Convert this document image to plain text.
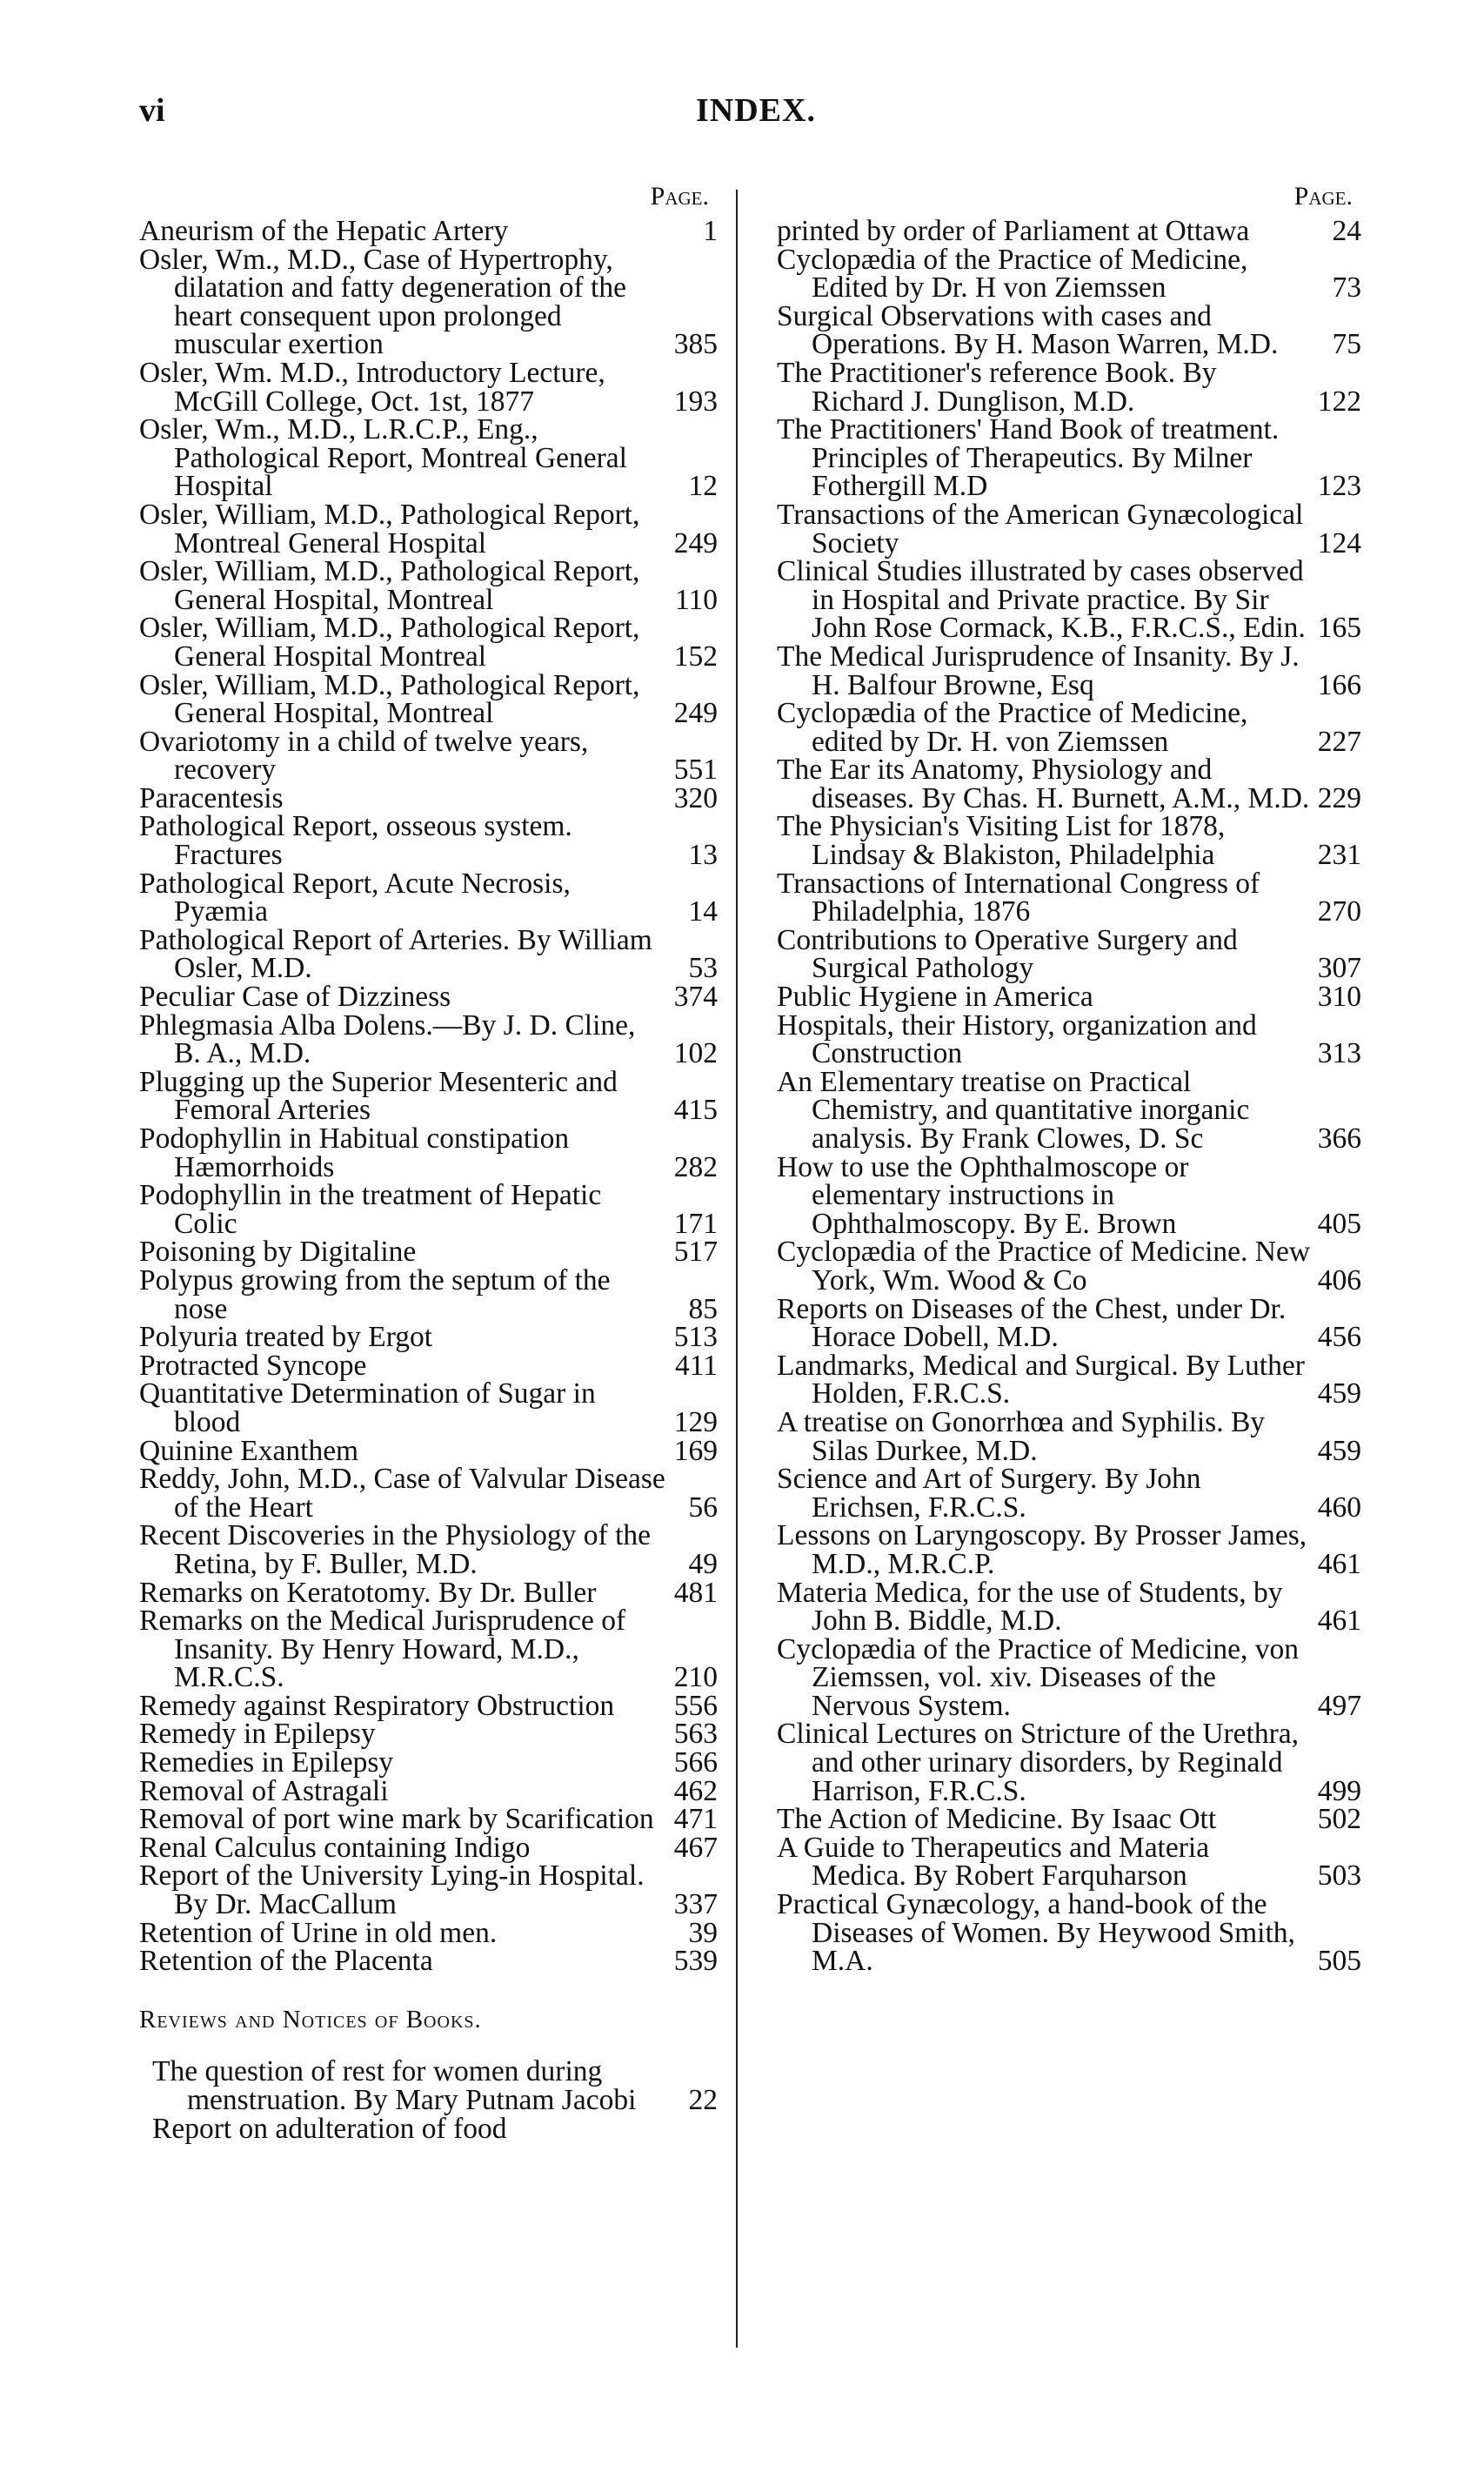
vi	INDEX.
Page.
Aneurism of the Hepatic Artery	1
Osler, Wm., M.D., Case of Hypertrophy, dilatation and fatty degeneration of the heart consequent upon prolonged muscular exertion	385
Osler, Wm. M.D., Introductory Lecture, McGill College, Oct. 1st, 1877	193
Osler, Wm., M.D., L.R.C.P., Eng., Pathological Report, Montreal General Hospital	12
Osler, William, M.D., Pathological Report, Montreal General Hospital	249
Osler, William, M.D., Pathological Report, General Hospital, Montreal	110
Osler, William, M.D., Pathological Report, General Hospital Montreal	152
Osler, William, M.D., Pathological Report, General Hospital, Montreal	249
Ovariotomy in a child of twelve years, recovery	551
Paracentesis	320
Pathological Report, osseous system. Fractures	13
Pathological Report, Acute Necrosis, Pyæmia	14
Pathological Report of Arteries. By William Osler, M.D.	53
Peculiar Case of Dizziness	374
Phlegmasia Alba Dolens.—By J. D. Cline, B. A., M.D.	102
Plugging up the Superior Mesenteric and Femoral Arteries	415
Podophyllin in Habitual constipation Hæmorrhoids	282
Podophyllin in the treatment of Hepatic Colic	171
Poisoning by Digitaline	517
Polypus growing from the septum of the nose	85
Polyuria treated by Ergot	513
Protracted Syncope	411
Quantitative Determination of Sugar in blood	129
Quinine Exanthem	169
Reddy, John, M.D., Case of Valvular Disease of the Heart	56
Recent Discoveries in the Physiology of the Retina, by F. Buller, M.D.	49
Remarks on Keratotomy. By Dr. Buller	481
Remarks on the Medical Jurisprudence of Insanity. By Henry Howard, M.D., M.R.C.S.	210
Remedy against Respiratory Obstruction 556
Remedy in Epilepsy	563
Remedies in Epilepsy	566
Removal of Astragali	462
Removal of port wine mark by Scarification 471
Renal Calculus containing Indigo	467
Report of the University Lying-in Hospital. By Dr. MacCallum	337
Retention of Urine in old men.	39
Retention of the Placenta	539
Reviews and Notices of Books.
The question of rest for women during menstruation. By Mary Putnam Jacobi 22
Report on adulteration of food
Page.
printed by order of Parliament at Ottawa	24
Cyclopædia of the Practice of Medicine, Edited by Dr. H von Ziemssen	73
Surgical Observations with cases and Operations. By H. Mason Warren, M.D. 75
The Practitioner's reference Book. By Richard J. Dunglison, M.D.	122
The Practitioners' Hand Book of treatment. Principles of Therapeutics. By Milner Fothergill M.D	123
Transactions of the American Gynæcological Society	124
Clinical Studies illustrated by cases observed in Hospital and Private practice. By Sir John Rose Cormack, K.B., F.R.C.S., Edin. 165
The Medical Jurisprudence of Insanity. By J. H. Balfour Browne, Esq	166
Cyclopædia of the Practice of Medicine, edited by Dr. H. von Ziemssen	227
The Ear its Anatomy, Physiology and diseases. By Chas. H. Burnett, A.M., M.D. 229
The Physician's Visiting List for 1878, Lindsay & Blakiston, Philadelphia	231
Transactions of International Congress of Philadelphia, 1876	270
Contributions to Operative Surgery and Surgical Pathology	307
Public Hygiene in America	310
Hospitals, their History, organization and Construction	313
An Elementary treatise on Practical Chemistry, and quantitative inorganic analysis. By Frank Clowes, D. Sc	366
How to use the Ophthalmoscope or elementary instructions in Ophthalmoscopy. By E. Brown	405
Cyclopædia of the Practice of Medicine. New York, Wm. Wood & Co	406
Reports on Diseases of the Chest, under Dr. Horace Dobell, M.D.	456
Landmarks, Medical and Surgical. By Luther Holden, F.R.C.S.	459
A treatise on Gonorrhœa and Syphilis. By Silas Durkee, M.D.	459
Science and Art of Surgery. By John Erichsen, F.R.C.S.	460
Lessons on Laryngoscopy. By Prosser James, M.D., M.R.C.P.	461
Materia Medica, for the use of Students, by John B. Biddle, M.D.	461
Cyclopædia of the Practice of Medicine, von Ziemssen, vol. xiv. Diseases of the Nervous System.	497
Clinical Lectures on Stricture of the Urethra, and other urinary disorders, by Reginald Harrison, F.R.C.S.	499
The Action of Medicine. By Isaac Ott	502
A Guide to Therapeutics and Materia Medica. By Robert Farquharson	503
Practical Gynæcology, a hand-book of the Diseases of Women. By Heywood Smith, M.A.	505
